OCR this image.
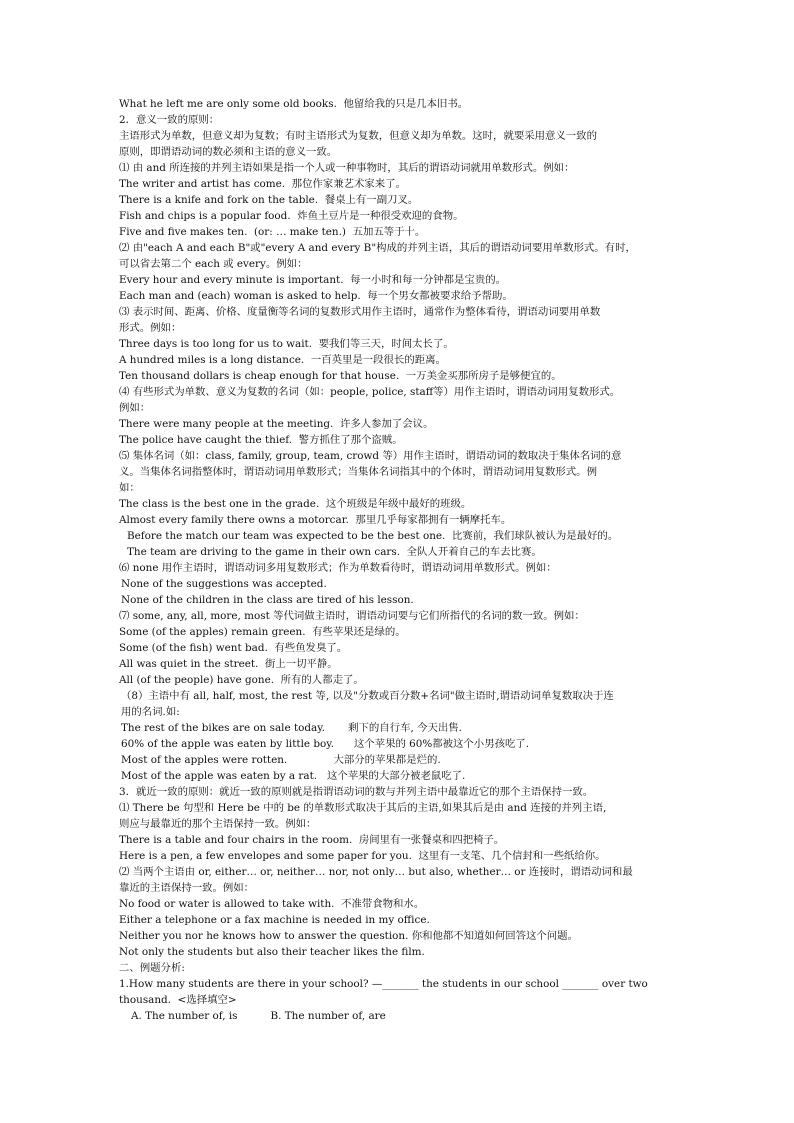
What he left me are only some old books.  他留给我的只是几本旧书。

2．意义一致的原则：

主语形式为单数，但意义却为复数；有时主语形式为复数，但意义却为单数。这时，就要采用意义一致的

原则，即谓语动词的数必须和主语的意义一致。

⑴ 由 and 所连接的并列主语如果是指一个人或一种事物时，其后的谓语动词就用单数形式。例如：

The writer and artist has come.  那位作家兼艺术家来了。

There is a knife and fork on the table.  餐桌上有一副刀叉。

Fish and chips is a popular food.  炸鱼土豆片是一种很受欢迎的食物。

Five and five makes ten.  (or: … make ten.)  五加五等于十。

⑵ 由"each A and each B"或"every A and every B"构成的并列主语，其后的谓语动词要用单数形式。有时，

可以省去第二个 each 或 every。例如：

Every hour and every minute is important.  每一小时和每一分钟都是宝贵的。

Each man and (each) woman is asked to help.  每一个男女都被要求给予帮助。

⑶ 表示时间、距离、价格、度量衡等名词的复数形式用作主语时，通常作为整体看待，谓语动词要用单数

形式。例如：

Three days is too long for us to wait.  要我们等三天，时间太长了。

A hundred miles is a long distance.  一百英里是一段很长的距离。

Ten thousand dollars is cheap enough for that house.  一万美金买那所房子是够便宜的。

⑷ 有些形式为单数、意义为复数的名词（如：people, police, staff等）用作主语时，谓语动词用复数形式。

例如：

There were many people at the meeting.  许多人参加了会议。

The police have caught the thief.  警方抓住了那个盗贼。

⑸ 集体名词（如：class, family, group, team, crowd 等）用作主语时，谓语动词的数取决于集体名词的意

义。当集体名词指整体时，谓语动词用单数形式；当集体名词指其中的个体时，谓语动词用复数形式。例

如：

The class is the best one in the grade.  这个班级是年级中最好的班级。

Almost every family there owns a motorcar.  那里几乎每家都拥有一辆摩托车。

Before the match our team was expected to be the best one.  比赛前，我们球队被认为是最好的。

The team are driving to the game in their own cars.  全队人开着自己的车去比赛。

⑹ none 用作主语时，谓语动词多用复数形式；作为单数看待时，谓语动词用单数形式。例如：

None of the suggestions was accepted.

None of the children in the class are tired of his lesson.

⑺ some, any, all, more, most 等代词做主语时，谓语动词要与它们所指代的名词的数一致。例如：

Some (of the apples) remain green.  有些苹果还是绿的。

Some (of the fish) went bad.  有些鱼发臭了。

All was quiet in the street.  街上一切平静。

All (of the people) have gone.  所有的人都走了。

（8）主语中有 all, half, most, the rest 等, 以及"分数或百分数+名词"做主语时,谓语动词单复数取决于连

用的名词.如:

The rest of the bikes are on sale today.       剩下的自行车, 今天出售.

60% of the apple was eaten by little boy.      这个苹果的 60%都被这个小男孩吃了.

Most of the apples were rotten.              大部分的苹果都是烂的.

Most of the apple was eaten by a rat.   这个苹果的大部分被老鼠吃了.

3．就近一致的原则：就近一致的原则就是指谓语动词的数与并列主语中最靠近它的那个主语保持一致。

⑴ There be 句型和 Here be 中的 be 的单数形式取决于其后的主语,如果其后是由 and 连接的并列主语,

则应与最靠近的那个主语保持一致。例如：

There is a table and four chairs in the room.  房间里有一张餐桌和四把椅子。

Here is a pen, a few envelopes and some paper for you.  这里有一支笔、几个信封和一些纸给你。

⑵ 当两个主语由 or, either… or, neither… nor, not only… but also, whether… or 连接时，谓语动词和最

靠近的主语保持一致。例如：

No food or water is allowed to take with.  不准带食物和水。

Either a telephone or a fax machine is needed in my office.

Neither you nor he knows how to answer the question. 你和他都不知道如何回答这个问题。

Not only the students but also their teacher likes the film.

二、例题分析:

1.How many students are there in your school? —_______ the students in our school _______ over two

thousand.  <选择填空>

A. The number of, is          B. The number of, are
